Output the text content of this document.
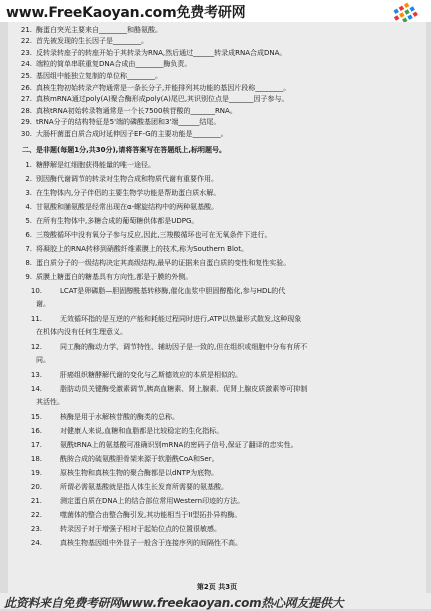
www.FreeKaoyan.com免费考研网
21. 酶蛋白突光主要来自________和酪氨酸。
22. 首先被发现的生长因子是________。
23. 反转录转座子的转座开始于其转录为RNA,然后通过______转录成RNA合成DNA。
24. 端粒的简单串联重复DNA合成由________酶负责。
25. 基因组中能独立复制的单位称________。
26. 真核生物初始转录产物通常是一条长分子,并能排列其功能的基因片段称________。
27. 真核mRNA通过poly(A)聚合酶形成poly(A)尾巴,其识别位点是_______因子参与。
28. 真核tRNA初始转录物通常是一个长7500核苷酸的_______RNA。
29. tRNA分子的结构特征是5'端的磷酸基团和3'端______结尾。
30. 大肠杆菌蛋白质合成时延伸因子EF-G的主要功能是________。
二、是非题(每题1分,共30分),请将答案写在答题纸上,标明题号。
1. 糖酵解是红细胞获得能量的唯一途径。
2. 别因酶代谢调节的转录对生物合成和物质代谢有重要作用。
3. 在生物体内,分子伴侣的主要生物学功能是帮助蛋白质水解。
4. 甘氨酸和脯氨酸是经常出现在α-螺旋结构中的两种氨基酸。
5. 在所有生物体中,多糖合成的葡萄糖供体都是UDPG。
6. 三羧酸循环中没有氧分子参与反应,因此,三羧酸循环也可在无氧条件下进行。
7. 将凝胶上的RNA转移到硝酸纤维素膜上的技术,称为Southern Blot。
8. 蛋白质分子的一级结构决定其高级结构,最早的证据来自蛋白质的变性和复性实验。
9. 质膜上糖蛋白的糖基具有方向性,都是于膜的外侧。
10.	LCAT是卵磷脂—胆固醇酰基转移酶,催化血浆中胆固醇酯化,参与HDL的代
谢。
11.	无效循环指的是互逆的产能和耗能过程同时进行,ATP以热量形式散发,这种现象
在机体内没有任何生理意义。
12.	同工酶的酶动力学、调节特性、辅助因子是一致的,但在组织或细胞中分布有所不
同。
13.	肝癌组织糖酵解代谢的变化与乙斯德效应的本质是相似的。
14.	脂肪动员关键酶受激素调节,胰高血糖素、肾上腺素、促肾上腺皮质激素等可抑制
其活性。
15.	核酶是用于水解核苷酸的酶类的总称。
16.	对健康人来说,血糖和血脂都是比较稳定的生化指标。
17.	氨酰tRNA上的氨基酸可准确识别mRNA的密码子信号,保证了翻译的忠实性。
18.	酰胺合成的硫氨酸胆骨架来源于软脂酰CoA和Ser。
19.	原核生物和真核生物的聚合酶都是以dNTP为底物。
20.	所谓必需氨基酸就是指人体生长发育所需要的氨基酸。
21.	测定蛋白质在DNA上的结合部位常用Western印迹的方法。
22.	噬菌体的整合由整合酶引发,其功能相当于II型拓扑异构酶。
23.	转录因子对于增强子相对于起始位点的位置很敏感。
24.	真核生物基因组中外显子一般含于连接序列的间隔性不高。
第2页 共3页
此资料来自免费考研网www.freekaoyan.com热心网友提供大
